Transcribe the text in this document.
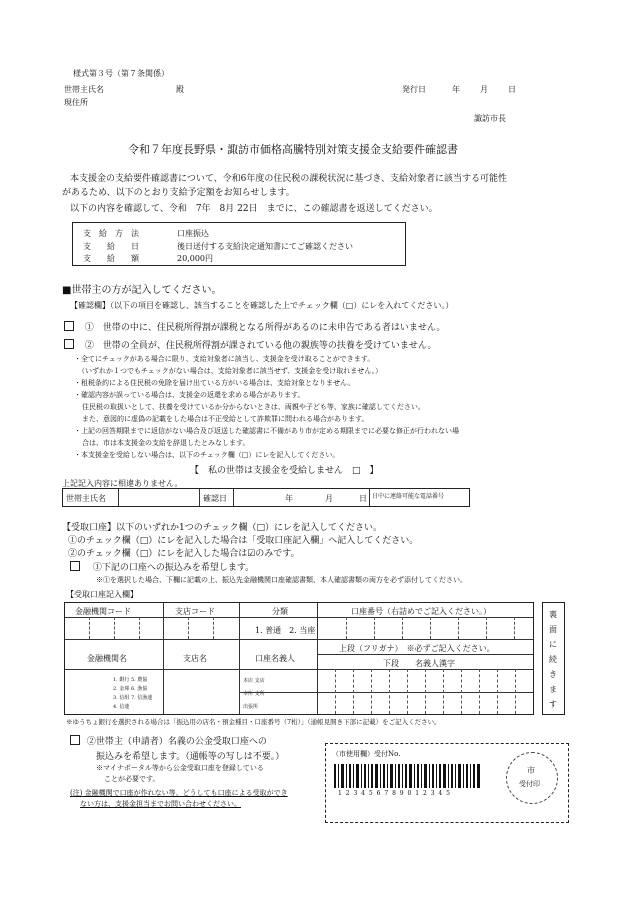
様式第３号（第７条関係）
世帯主氏名	殿
現住所
発行日	年	月	日
諏訪市長
令和７年度長野県・諏訪市価格高騰特別対策支援金支給要件確認書
本支援金の支給要件確認書について、令和6年度の住民税の課税状況に基づき、支給対象者に該当する可能性
があるため、以下のとおり支給予定額をお知らせします。
以下の内容を確認して、令和　7年　8月 22日　までに、この確認書を返送してください。
支　給　方　法	口座振込
支　　給　　日	後日送付する支給決定通知書にてご確認ください
支　　給　　額	20,000円
■世帯主の方が記入してください。
【確認欄】（以下の項目を確認し、該当することを確認した上でチェック欄（□）にレを入れてください。）
①　世帯の中に、住民税所得割が課税となる所得があるのに未申告である者はいません。
②　世帯の全員が、住民税所得割が課されている他の親族等の扶養を受けていません。
・全てにチェックがある場合に限り、支給対象者に該当し、支援金を受け取ることができます。
（いずれか１つでもチェックがない場合は、支給対象者に該当せず、支援金を受け取れません。）
・租税条約による住民税の免除を届け出ている方がいる場合は、支給対象となりません。
・確認内容が誤っている場合は、支援金の返還を求める場合があります。
住民税の取扱いとして、扶養を受けているか分からないときは、両親や子ども等、家族に確認してください。
また、意図的に虚偽の記載をした場合は不正受給として詐欺罪に問われる場合があります。
・上記の回答期限までに返信がない場合及び返送した確認書に不備があり市が定める期限までに必要な修正が行われない場
合は、市は本支援金の支給を辞退したとみなします。
・本支援金を受給しない場合は、以下のチェック欄（□）にレを記入してください。
【　私の世帯は支援金を受給しません　□　】
上記記入内容に相違ありません。
世帯主氏名	確認日	年	月	日 日中に連絡可能な電話番号
【受取口座】以下のいずれか1つのチェック欄（□）にレを記入してください。
①のチェック欄（□）にレを記入した場合は「受取口座記入欄」へ記入してください。
②のチェック欄（□）にレを記入した場合は☑のみです。
①下記の口座への振込みを希望します。
※①を選択した場合、下欄に記載の上、振込先金融機関口座確認書類、本人確認書類の両方を必ず添付してください。
【受取口座記入欄】
金融機関コード	支店コード	分類	口座番号（右詰めでご記入ください。）
1. 普通　2. 当座
金融機関名	支店名	口座名義人
上段（フリガナ）　※必ずご記入ください。
下段　　名義人漢字
1. 銀行 5. 農協
2. 金庫 6. 漁協
3. 信組 7. 信漁連
4. 信連
本店 支店
本所 支所
出張所
裏
面
に
続
き
ま
す
※ゆうちょ銀行を選択される場合は「振込用の店名・預金種目・口座番号（7桁）」（通帳見開き下部に記載）をご記入ください。
②世帯主（申請者）名義の公金受取口座への
振込みを希望します。（通帳等の写しは不要。）
※マイナポータル等から公金受取口座を登録している
ことが必要です。
(注) 金融機関で口座が作れない等、どうしても口座による受取ができ
ない方は、支援金担当までお問い合わせください。
（市使用欄）受付No.
1 2 3 4 5 6 7 8 9 0 1 2 3 4 5
市
受付印
